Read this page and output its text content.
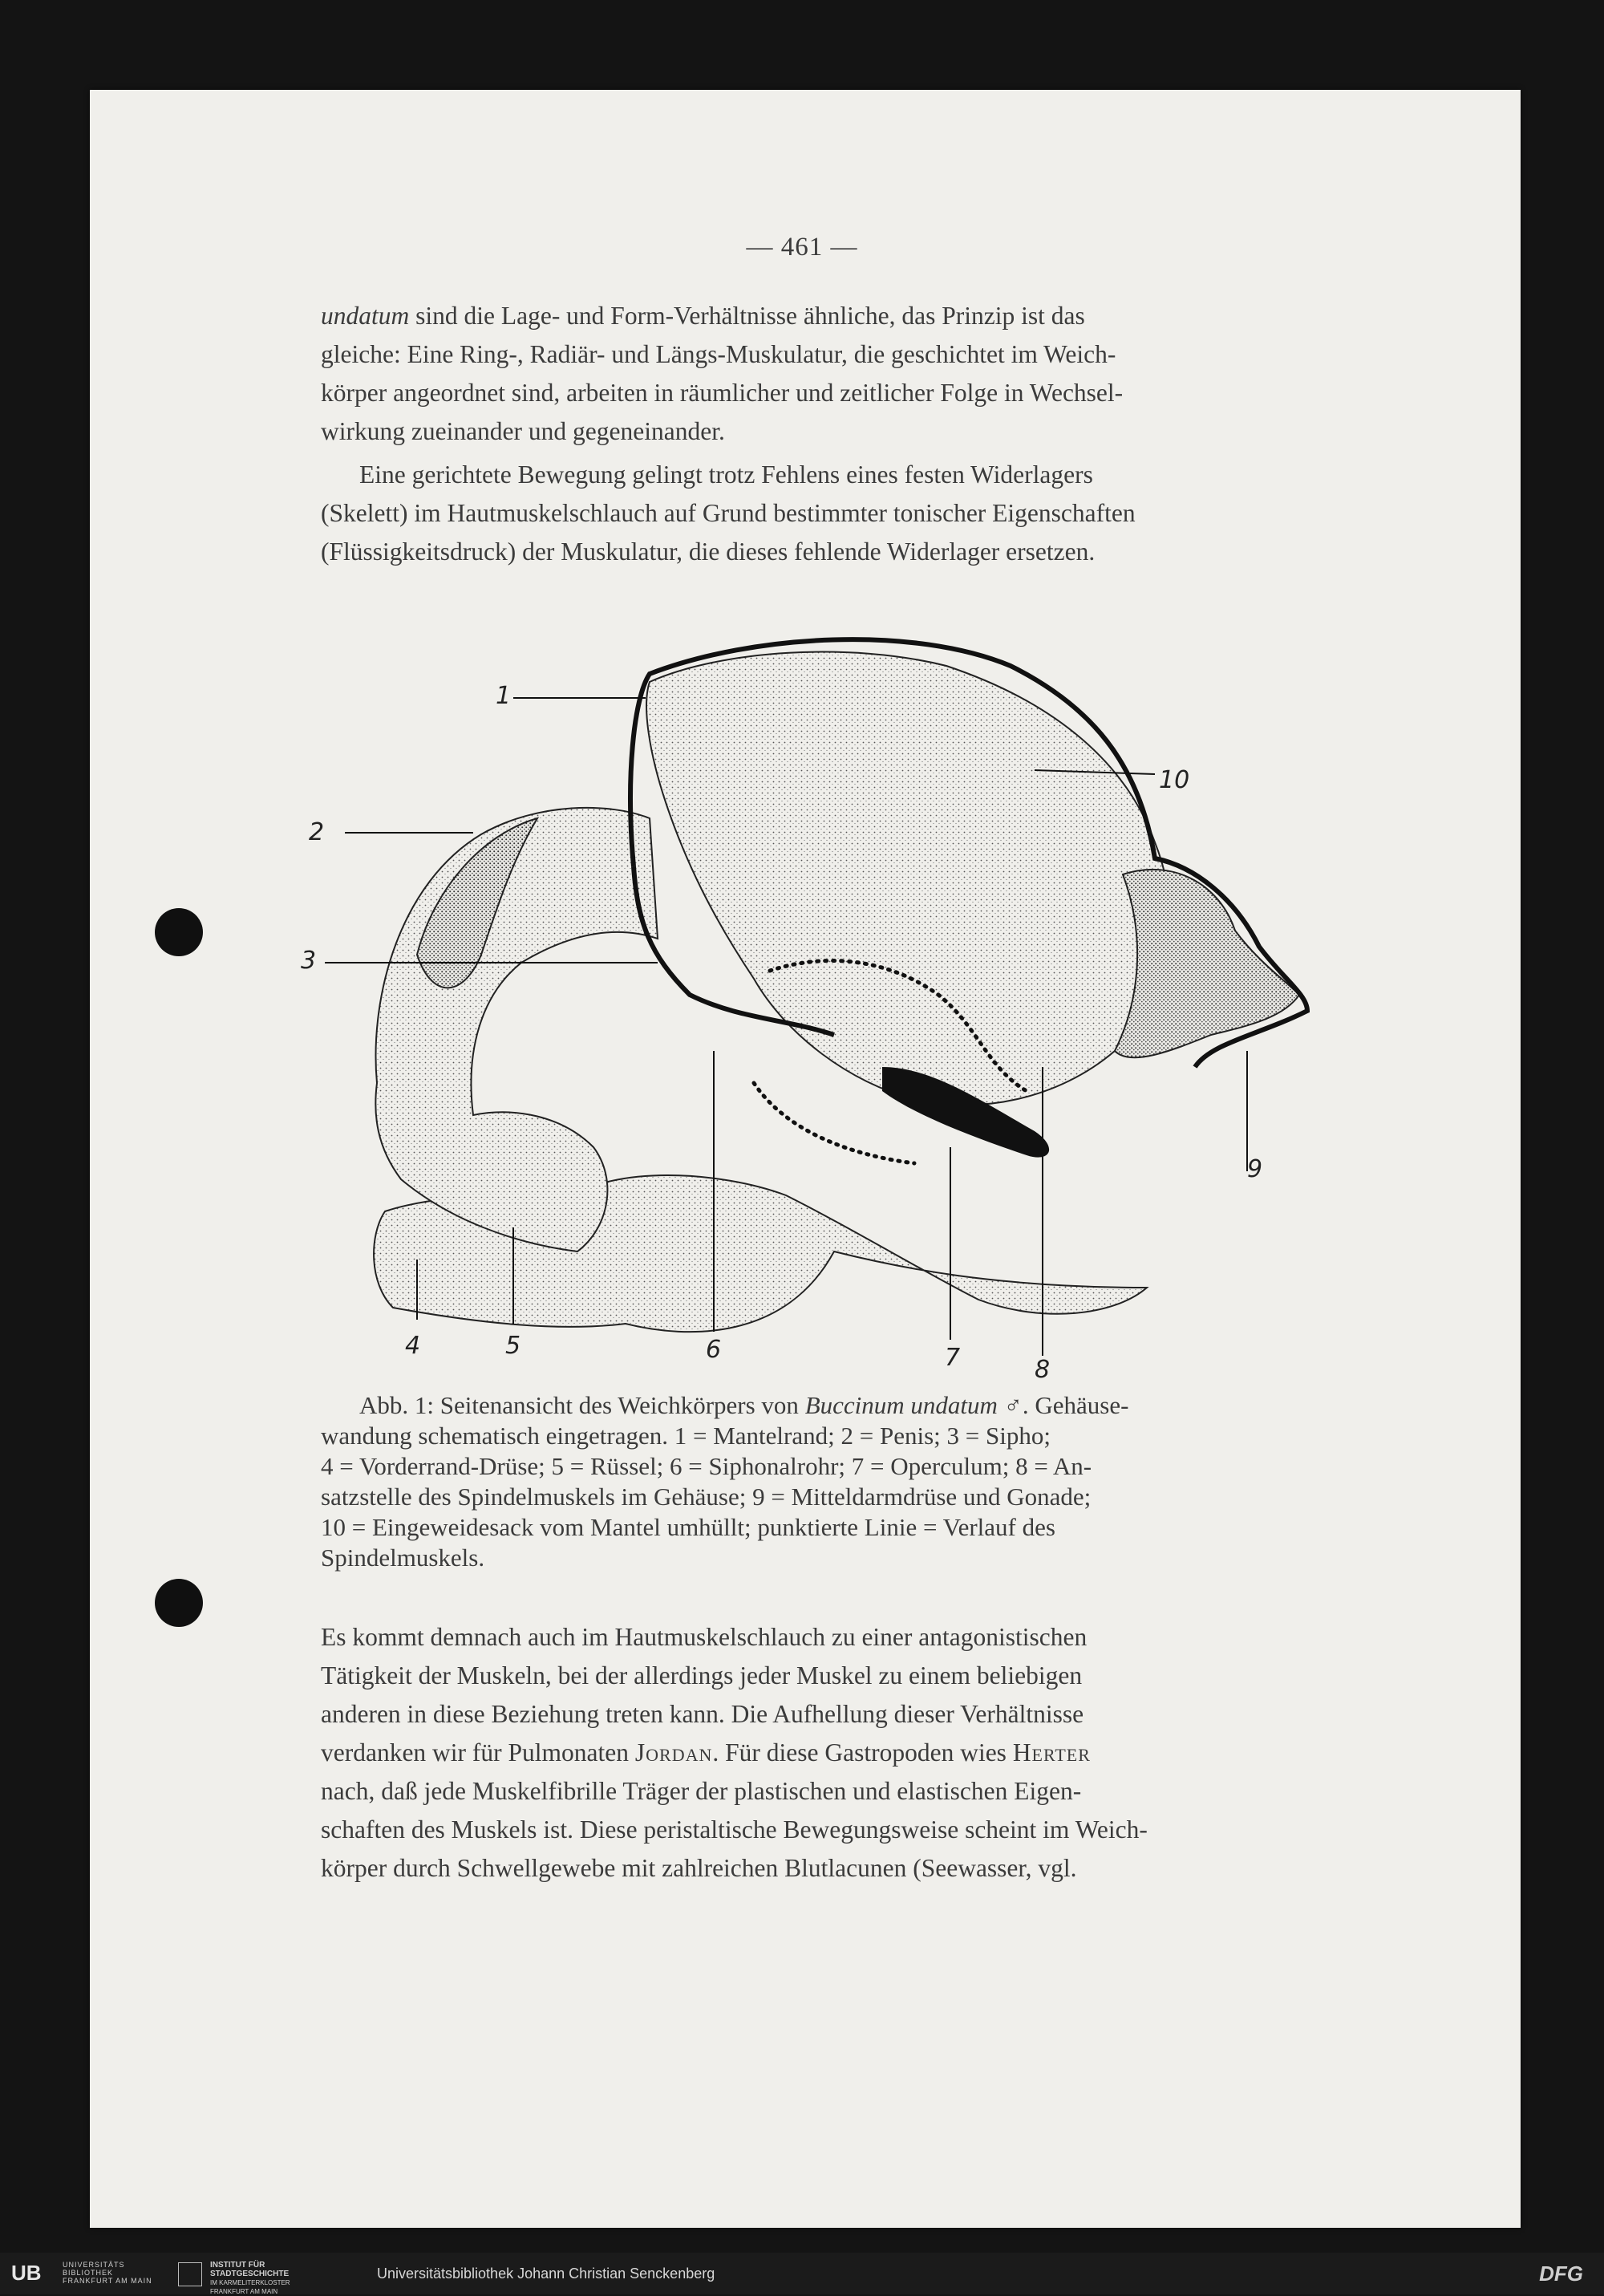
— 461 —

undatum sind die Lage- und Form-Verhältnisse ähnliche, das Prinzip ist das

gleiche: Eine Ring-, Radiär- und Längs-Muskulatur, die geschichtet im Weich-

körper angeordnet sind, arbeiten in räumlicher und zeitlicher Folge in Wechsel-

wirkung zueinander und gegeneinander.

Eine gerichtete Bewegung gelingt trotz Fehlens eines festen Widerlagers

(Skelett) im Hautmuskelschlauch auf Grund bestimmter tonischer Eigenschaften

(Flüssigkeitsdruck) der Muskulatur, die dieses fehlende Widerlager ersetzen.

1
2
3
4	5	6	7	8
9
10
Abb. 1: Seitenansicht des Weichkörpers von Buccinum undatum ♂. Gehäuse-
wandung schematisch eingetragen. 1 = Mantelrand; 2 = Penis; 3 = Sipho;
4 = Vorderrand-Drüse; 5 = Rüssel; 6 = Siphonalrohr; 7 = Operculum; 8 = An-
satzstelle des Spindelmuskels im Gehäuse; 9 = Mitteldarmdrüse und Gonade;
10 = Eingeweidesack vom Mantel umhüllt; punktierte Linie = Verlauf des
Spindelmuskels.

Es kommt demnach auch im Hautmuskelschlauch zu einer antagonistischen

Tätigkeit der Muskeln, bei der allerdings jeder Muskel zu einem beliebigen

anderen in diese Beziehung treten kann. Die Aufhellung dieser Verhältnisse

verdanken wir für Pulmonaten Jordan. Für diese Gastropoden wies Herter

nach, daß jede Muskelfibrille Träger der plastischen und elastischen Eigen-

schaften des Muskels ist. Diese peristaltische Bewegungsweise scheint im Weich-

körper durch Schwellgewebe mit zahlreichen Blutlacunen (Seewasser, vgl.

UB	UNIVERSITÄTS
BIBLIOTHEK
FRANKFURT AM MAIN
INSTITUT FÜR
STADTGESCHICHTE
IM KARMELITERKLOSTER
FRANKFURT AM MAIN
Universitätsbibliothek Johann Christian Senckenberg	DFG
